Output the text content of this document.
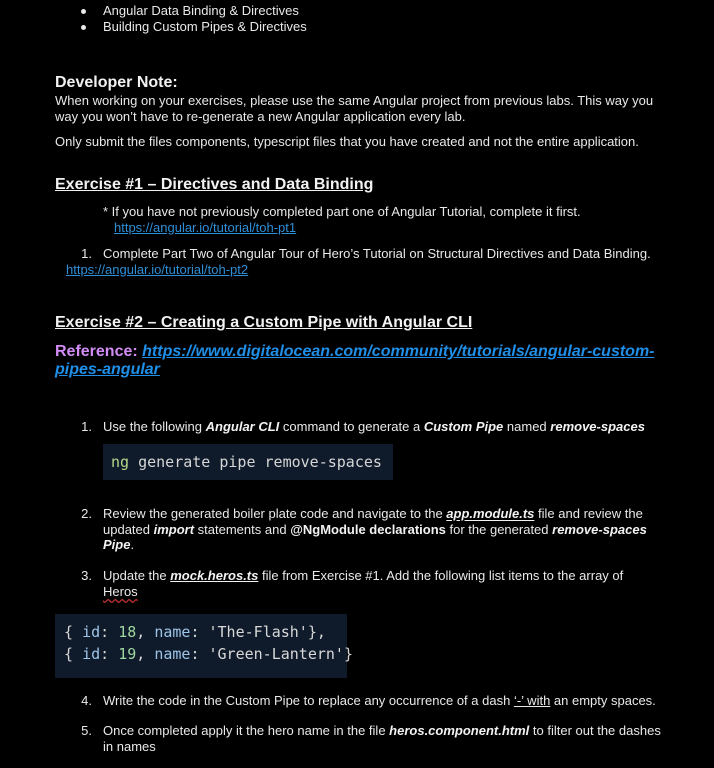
Angular Data Binding & Directives
Building Custom Pipes & Directives
Developer Note:
When working on your exercises, please use the same Angular project from previous labs. This way you
way you won’t have to re-generate a new Angular application every lab.
Only submit the files components, typescript files that you have created and not the entire application.
Exercise #1 – Directives and Data Binding
* If you have not previously completed part one of Angular Tutorial, complete it first.
https://angular.io/tutorial/toh-pt1
1. Complete Part Two of Angular Tour of Hero’s Tutorial on Structural Directives and Data Binding.
https://angular.io/tutorial/toh-pt2
Exercise #2 – Creating a Custom Pipe with Angular CLI
Reference: https://www.digitalocean.com/community/tutorials/angular-custom-
pipes-angular
1. Use the following Angular CLI command to generate a Custom Pipe named remove-spaces
ng generate pipe remove-spaces
2. Review the generated boiler plate code and navigate to the app.module.ts file and review the
updated import statements and @NgModule declarations for the generated remove-spaces
Pipe.
3. Update the mock.heros.ts file from Exercise #1. Add the following list items to the array of
Heros
{ id: 18, name: 'The-Flash'},
{ id: 19, name: 'Green-Lantern'}
4. Write the code in the Custom Pipe to replace any occurrence of a dash ‘-’ with an empty spaces.
5. Once completed apply it the hero name in the file heros.component.html to filter out the dashes
in names
